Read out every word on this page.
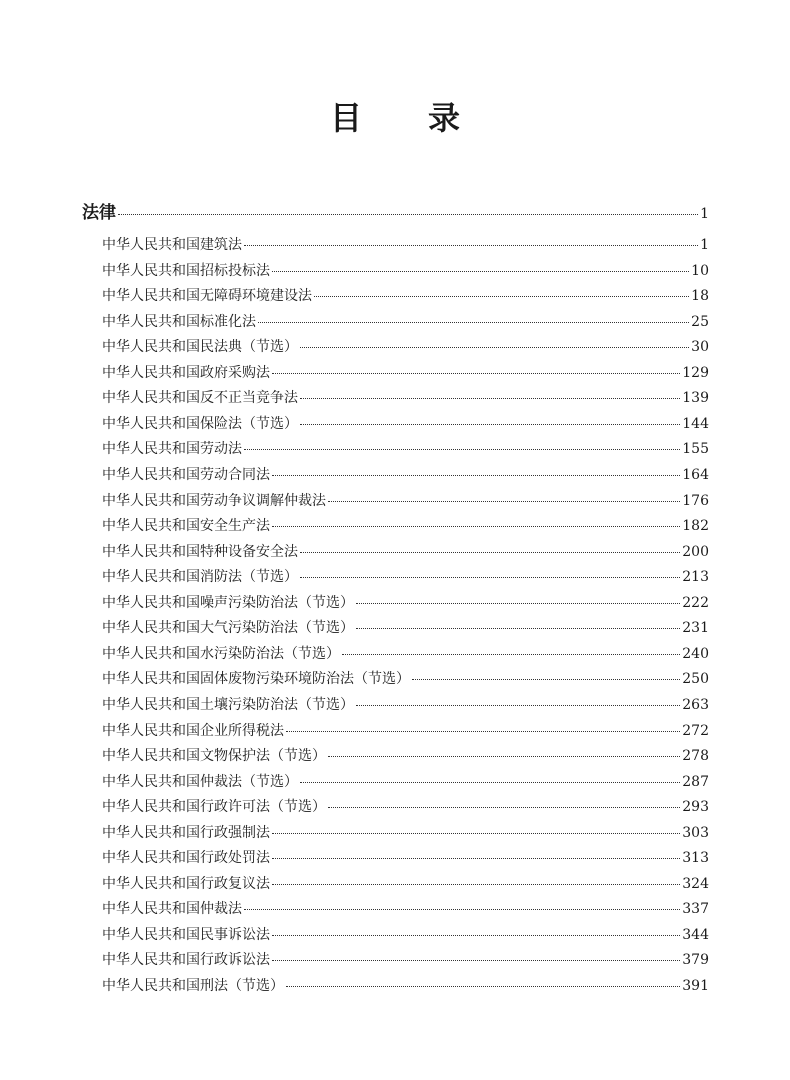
目 录
法律	1
中华人民共和国建筑法	1
中华人民共和国招标投标法	10
中华人民共和国无障碍环境建设法	18
中华人民共和国标准化法	25
中华人民共和国民法典（节选）	30
中华人民共和国政府采购法	129
中华人民共和国反不正当竞争法	139
中华人民共和国保险法（节选）	144
中华人民共和国劳动法	155
中华人民共和国劳动合同法	164
中华人民共和国劳动争议调解仲裁法	176
中华人民共和国安全生产法	182
中华人民共和国特种设备安全法	200
中华人民共和国消防法（节选）	213
中华人民共和国噪声污染防治法（节选）	222
中华人民共和国大气污染防治法（节选）	231
中华人民共和国水污染防治法（节选）	240
中华人民共和国固体废物污染环境防治法（节选）	250
中华人民共和国土壤污染防治法（节选）	263
中华人民共和国企业所得税法	272
中华人民共和国文物保护法（节选）	278
中华人民共和国仲裁法（节选）	287
中华人民共和国行政许可法（节选）	293
中华人民共和国行政强制法	303
中华人民共和国行政处罚法	313
中华人民共和国行政复议法	324
中华人民共和国仲裁法	337
中华人民共和国民事诉讼法	344
中华人民共和国行政诉讼法	379
中华人民共和国刑法（节选）	391
